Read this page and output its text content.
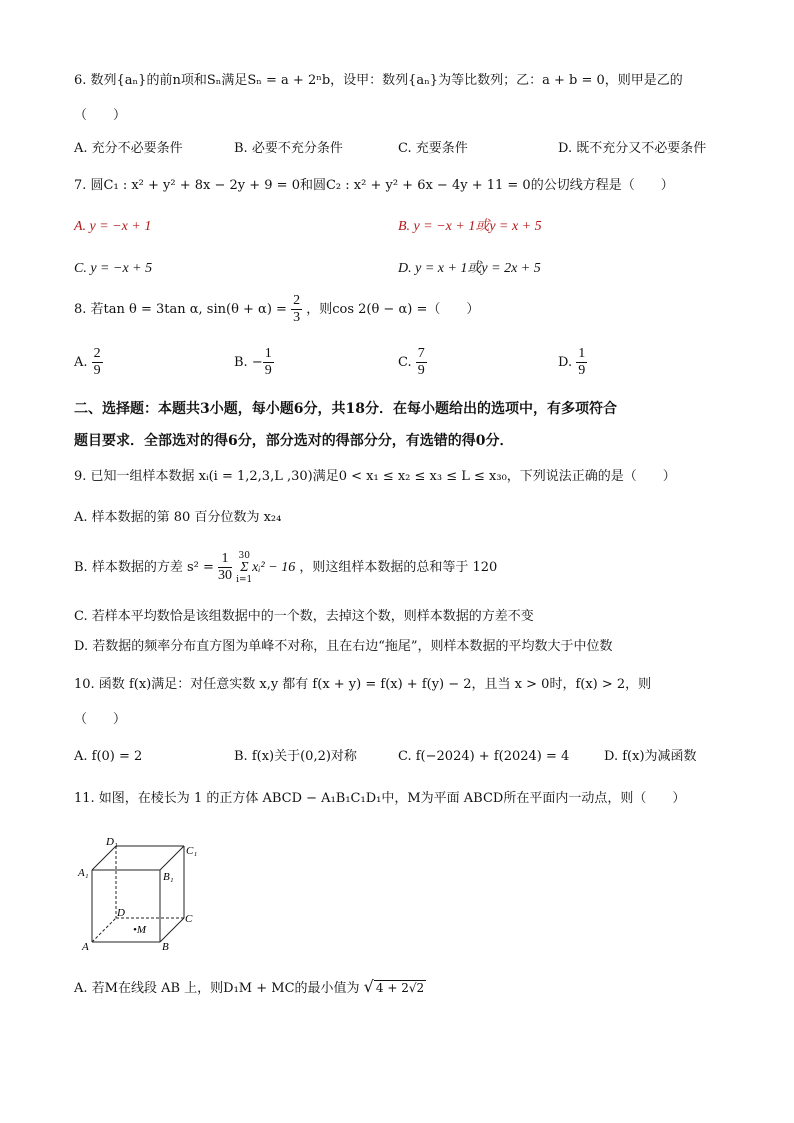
6. 数列{aₙ}的前n项和Sₙ满足Sₙ = a + 2ⁿb，设甲：数列{aₙ}为等比数列；乙：a + b = 0，则甲是乙的
（　　）
A. 充分不必要条件	B. 必要不充分条件	C. 充要条件	D. 既不充分又不必要条件
7. 圆C₁ : x² + y² + 8x − 2y + 9 = 0和圆C₂ : x² + y² + 6x − 4y + 11 = 0的公切线方程是（　　）
A. y = −x + 1	B. y = −x + 1或y = x + 5
C. y = −x + 5	D. y = x + 1或y = 2x + 5
8. 若tan θ = 3tan α, $\sin(\theta + \alpha) = \frac{2}{3}$ ，则cos 2(θ − α) =（　　）
A. $\frac{2}{9}$	B. − $\frac{1}{9}$	C. $\frac{7}{9}$	D. $\frac{1}{9}$
二、选择题：本题共3小题，每小题6分，共18分．在每小题给出的选项中，有多项符合
题目要求．全部选对的得6分，部分选对的得部分分，有选错的得0分．
9. 已知一组样本数据 xᵢ(i = 1,2,3,L ,30)满足0 < x₁ ≤ x₂ ≤ x₃ ≤ L ≤ x₃₀，下列说法正确的是（　　）
A. 样本数据的第 80 百分位数为 x₂₄
B. 样本数据的方差 $s^2 = \frac{1}{30}$
30

i=1
Σ xᵢ² − 16 ，则这组样本数据的总和等于 120
C. 若样本平均数恰是该组数据中的一个数，去掉这个数，则样本数据的方差不变
D. 若数据的频率分布直方图为单峰不对称，且在右边“拖尾”，则样本数据的平均数大于中位数
10. 函数 f(x)满足：对任意实数 x,y 都有 f(x + y) = f(x) + f(y) − 2，且当 x > 0时，f(x) > 2，则
（　　）
A. f(0) = 2	B. f(x)关于(0,2)对称	C. f(−2024) + f(2024) = 4	D. f(x)为减函数
11. 如图，在棱长为 1 的正方体 ABCD − A₁B₁C₁D₁中，M为平面 ABCD所在平面内一动点，则（　　）
D₁
C₁
A₁	B₁
D	C
A	B
•M
A. 若M在线段 AB 上，则D₁M + MC的最小值为 √ 4 + 2√2
